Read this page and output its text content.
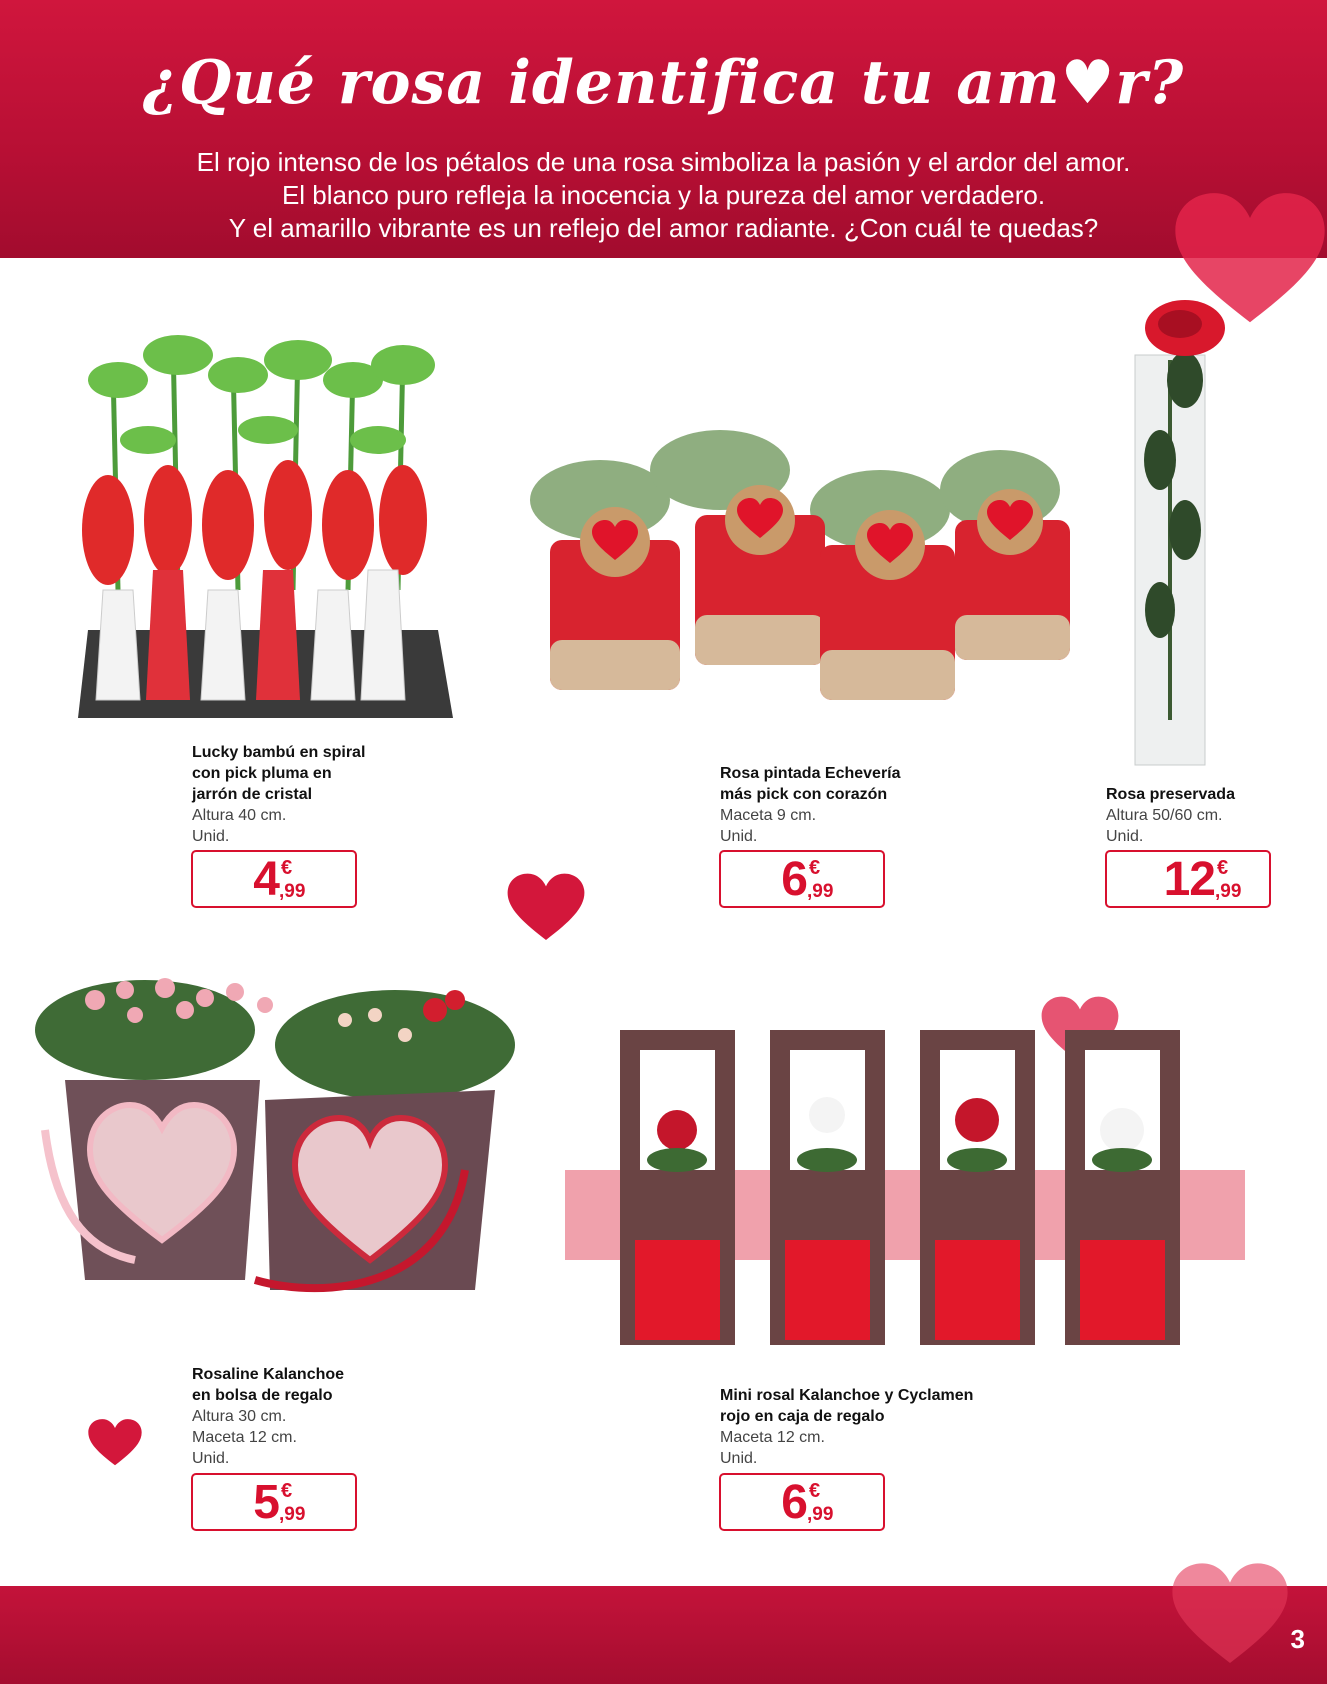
¿Qué rosa identifica tu am♥r?
El rojo intenso de los pétalos de una rosa simboliza la pasión y el ardor del amor.
El blanco puro refleja la inocencia y la pureza del amor verdadero.
Y el amarillo vibrante es un reflejo del amor radiante. ¿Con cuál te quedas?
Lucky bambú en spiral
con pick pluma en
jarrón de cristal
Altura 40 cm.
Unid.
4 €
,99
Rosa pintada Echevería
más pick con corazón
Maceta 9 cm.
Unid.
6 €
,99
Rosa preservada
Altura 50/60 cm.
Unid.
12 €
,99
Rosaline Kalanchoe
en bolsa de regalo
Altura 30 cm.
Maceta 12 cm.
Unid.
5 €
,99
Mini rosal Kalanchoe y Cyclamen
rojo en caja de regalo
Maceta 12 cm.
Unid.
6 €
,99
3
